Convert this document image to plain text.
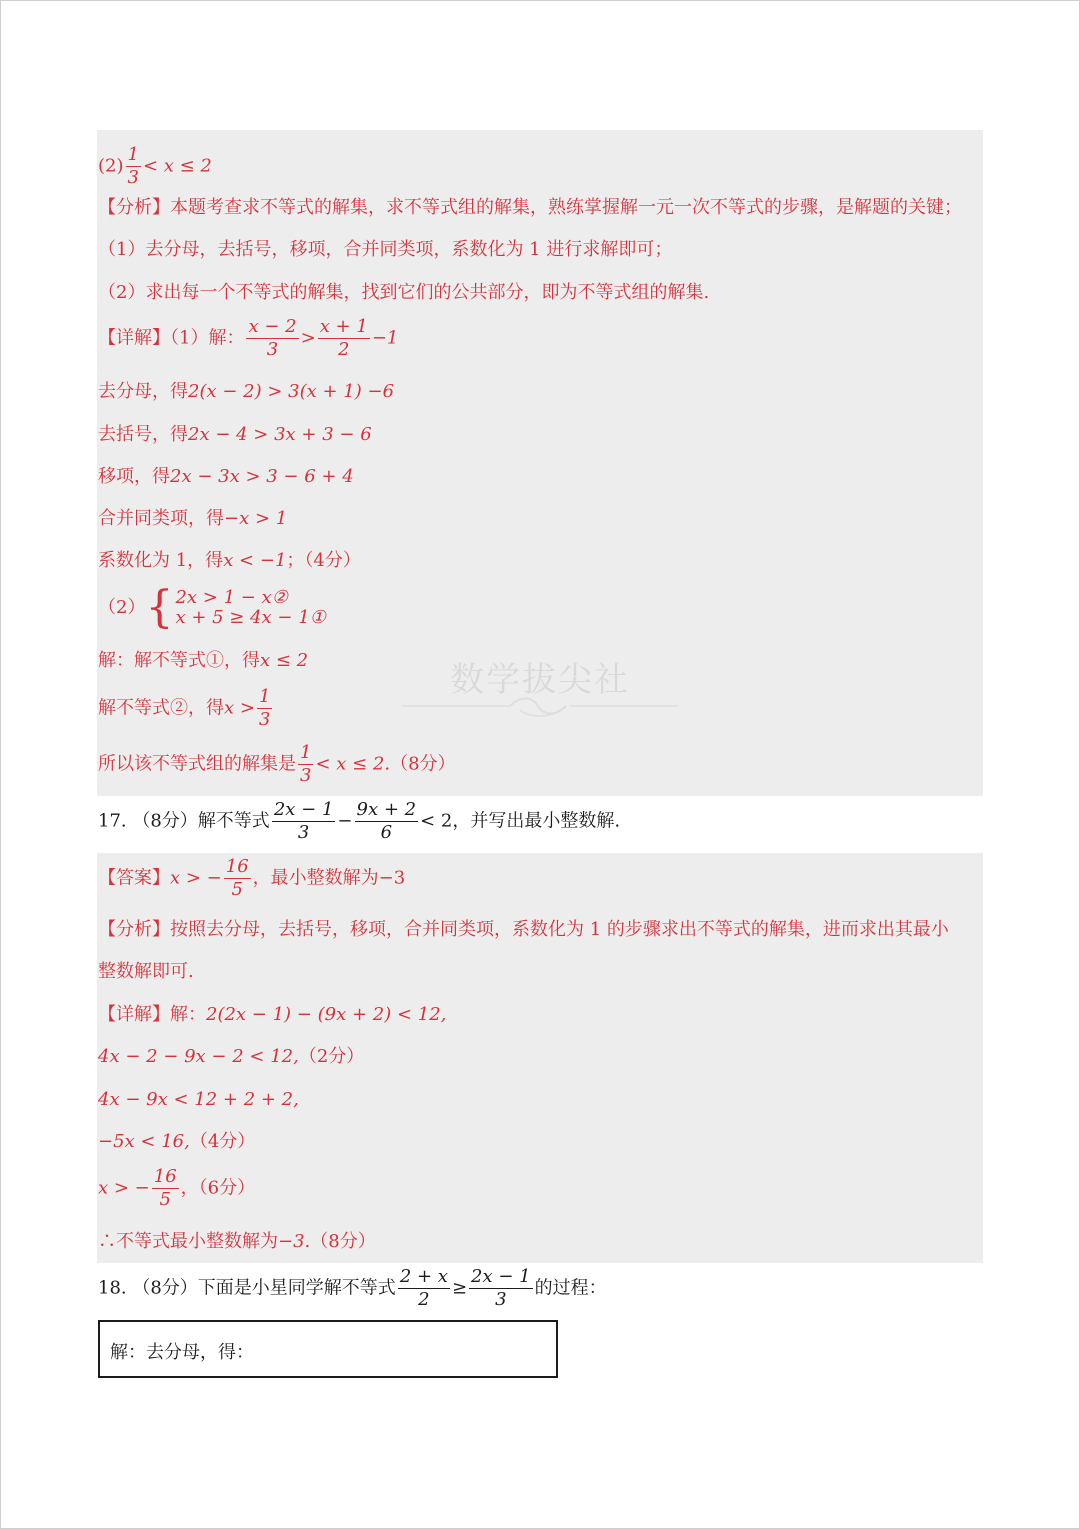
数学拔尖社
$(2) \frac{1}{3} < x \le 2$
【分析】本题考查求不等式的解集，求不等式组的解集，熟练掌握解一元一次不等式的步骤，是解题的关键；
（1）去分母，去括号，移项，合并同类项，系数化为 1 进行求解即可；
（2）求出每一个不等式的解集，找到它们的公共部分，即为不等式组的解集.
【详解】（1）解： $\frac{x - 2}{3} > \frac{x + 1}{2} -1$
去分母，得2(x − 2) > 3(x + 1) −6
去括号，得2x − 4 > 3x + 3 − 6
移项，得2x − 3x > 3 − 6 + 4
合并同类项，得−x > 1
系数化为 1，得x < −1；（4分）
（2） { 2x > 1 − x②
x + 5 ≥ 4x − 1①
解：解不等式①，得x ≤ 2
解不等式②，得$x > \frac{1}{3}$
所以该不等式组的解集是 $\frac{1}{3} < x \le 2.(8$分）
17. （8分）解不等式 $\frac{2x - 1}{3} - \frac{9x + 2}{6} < 2$，并写出最小整数解.
【答案】x > − $\frac{16}{5}$ ，最小整数解为−3
【分析】按照去分母，去括号，移项，合并同类项，系数化为 1 的步骤求出不等式的解集，进而求出其最小
整数解即可.
【详解】解：2(2x − 1) − (9x + 2) < 12,
4x − 2 − 9x − 2 < 12,（2分）
4x − 9x < 12 + 2 + 2,
−5x < 16,（4分）
x > − $\frac{16}{5}$ ，（6分）
∴不等式最小整数解为−3.（8分）
18. （8分）下面是小星同学解不等式 $\frac{2 + x}{2} \ge \frac{2x - 1}{3}$ 的过程：
解：去分母，得：
